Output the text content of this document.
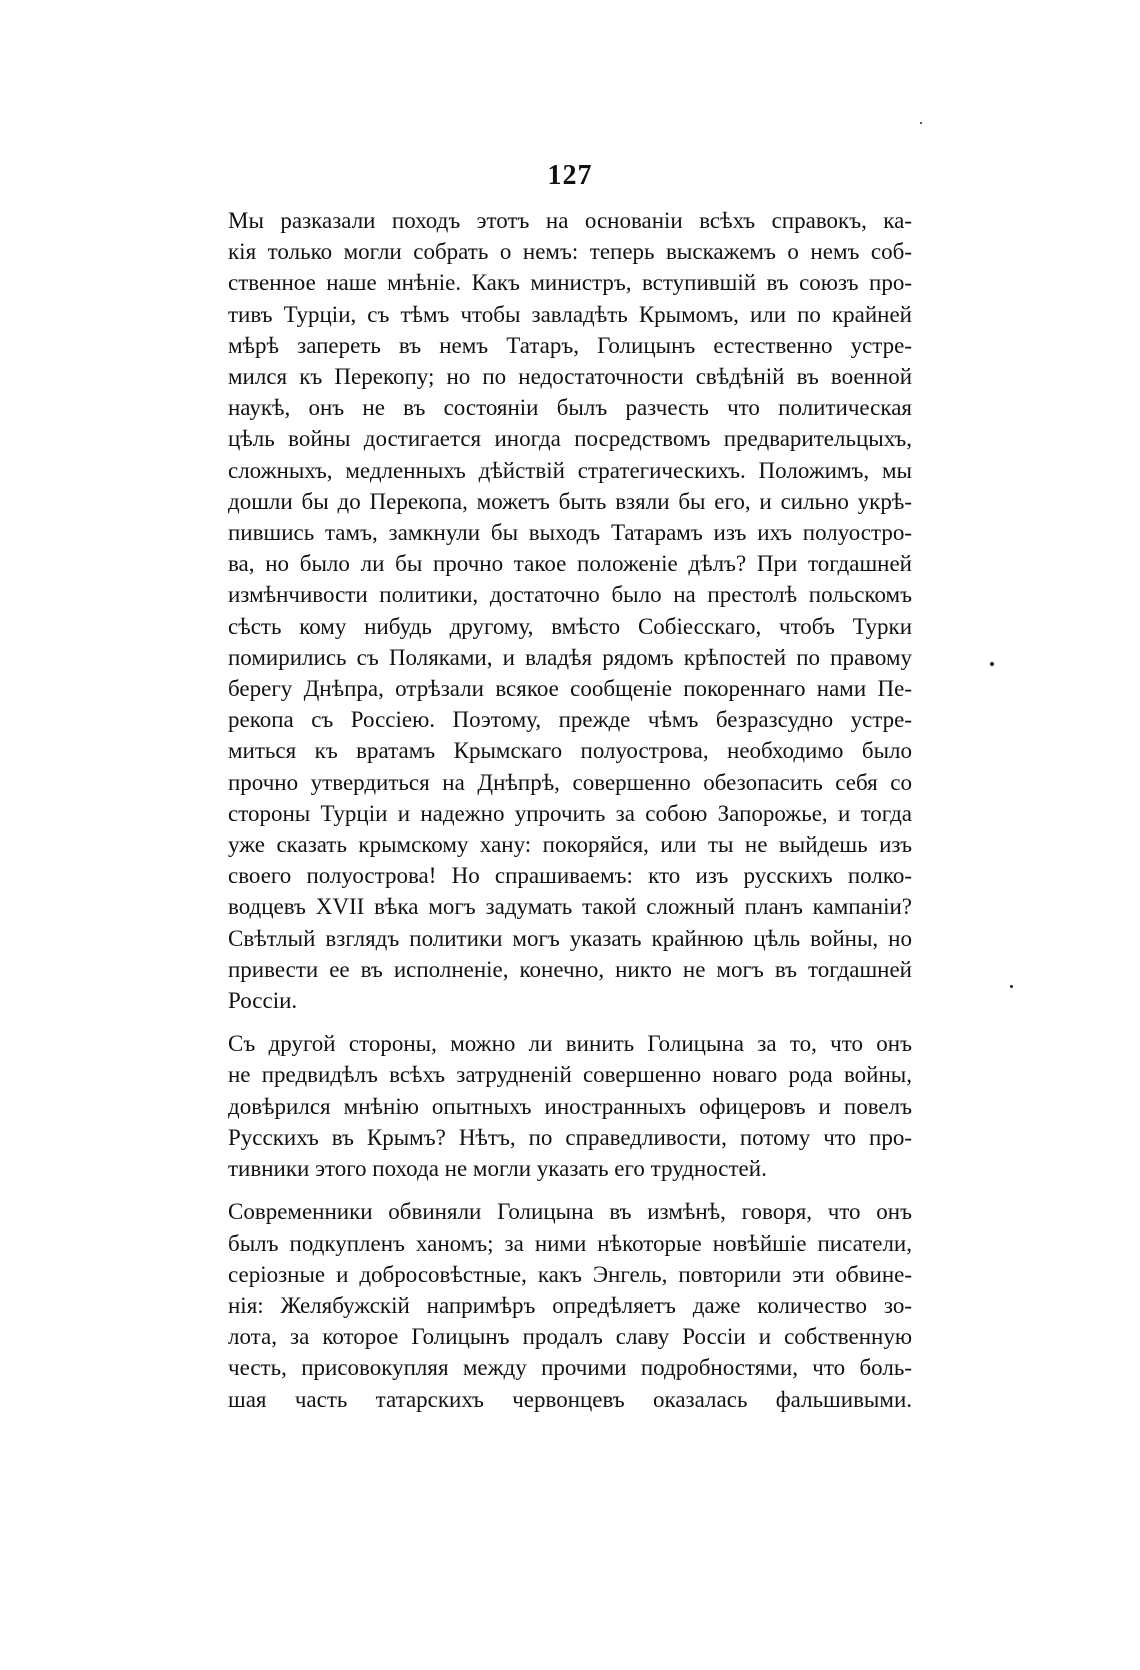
127
Мы разказали походъ этотъ на основаніи всѣхъ справокъ, ка-
кія только могли собрать о немъ: теперь выскажемъ о немъ соб-
ственное наше мнѣніе. Какъ министръ, вступившій въ союзъ про-
тивъ Турціи, съ тѣмъ чтобы завладѣть Крымомъ, или по крайней
мѣрѣ запереть въ немъ Татаръ, Голицынъ естественно устре-
мился къ Перекопу; но по недостаточности свѣдѣній въ военной
наукѣ, онъ не въ состояніи былъ разчесть что политическая
цѣль войны достигается иногда посредствомъ предварительцыхъ,
сложныхъ, медленныхъ дѣйствій стратегическихъ. Положимъ, мы
дошли бы до Перекопа, можетъ быть взяли бы его, и сильно укрѣ-
пившись тамъ, замкнули бы выходъ Татарамъ изъ ихъ полуостро-
ва, но было ли бы прочно такое положеніе дѣлъ? При тогдашней
измѣнчивости политики, достаточно было на престолѣ польскомъ
сѣсть кому нибудь другому, вмѣсто Собіесскаго, чтобъ Турки
помирились съ Поляками, и владѣя рядомъ крѣпостей по правому
берегу Днѣпра, отрѣзали всякое сообщеніе покореннаго нами Пе-
рекопа съ Россіею. Поэтому, прежде чѣмъ безразсудно устре-
миться къ вратамъ Крымскаго полуострова, необходимо было
прочно утвердиться на Днѣпрѣ, совершенно обезопасить себя со
стороны Турціи и надежно упрочить за собою Запорожье, и тогда
уже сказать крымскому хану: покоряйся, или ты не выйдешь изъ
своего полуострова! Но спрашиваемъ: кто изъ русскихъ полко-
водцевъ XVII вѣка могъ задумать такой сложный планъ кампаніи?
Свѣтлый взглядъ политики могъ указать крайнюю цѣль войны, но
привести ее въ исполненіе, конечно, никто не могъ въ тогдашней
Россіи.
Съ другой стороны, можно ли винить Голицына за то, что онъ
не предвидѣлъ всѣхъ затрудненій совершенно новаго рода войны,
довѣрился мнѣнію опытныхъ иностранныхъ офицеровъ и повелъ
Русскихъ въ Крымъ? Нѣтъ, по справедливости, потому что про-
тивники этого похода не могли указать его трудностей.
Современники обвиняли Голицына въ измѣнѣ, говоря, что онъ
былъ подкупленъ ханомъ; за ними нѣкоторые новѣйшіе писатели,
серіозные и добросовѣстные, какъ Энгель, повторили эти обвине-
нія: Желябужскій напримѣръ опредѣляетъ даже количество зо-
лота, за которое Голицынъ продалъ славу Россіи и собственную
честь, присовокупляя между прочими подробностями, что боль-
шая часть татарскихъ червонцевъ оказалась фальшивыми.
